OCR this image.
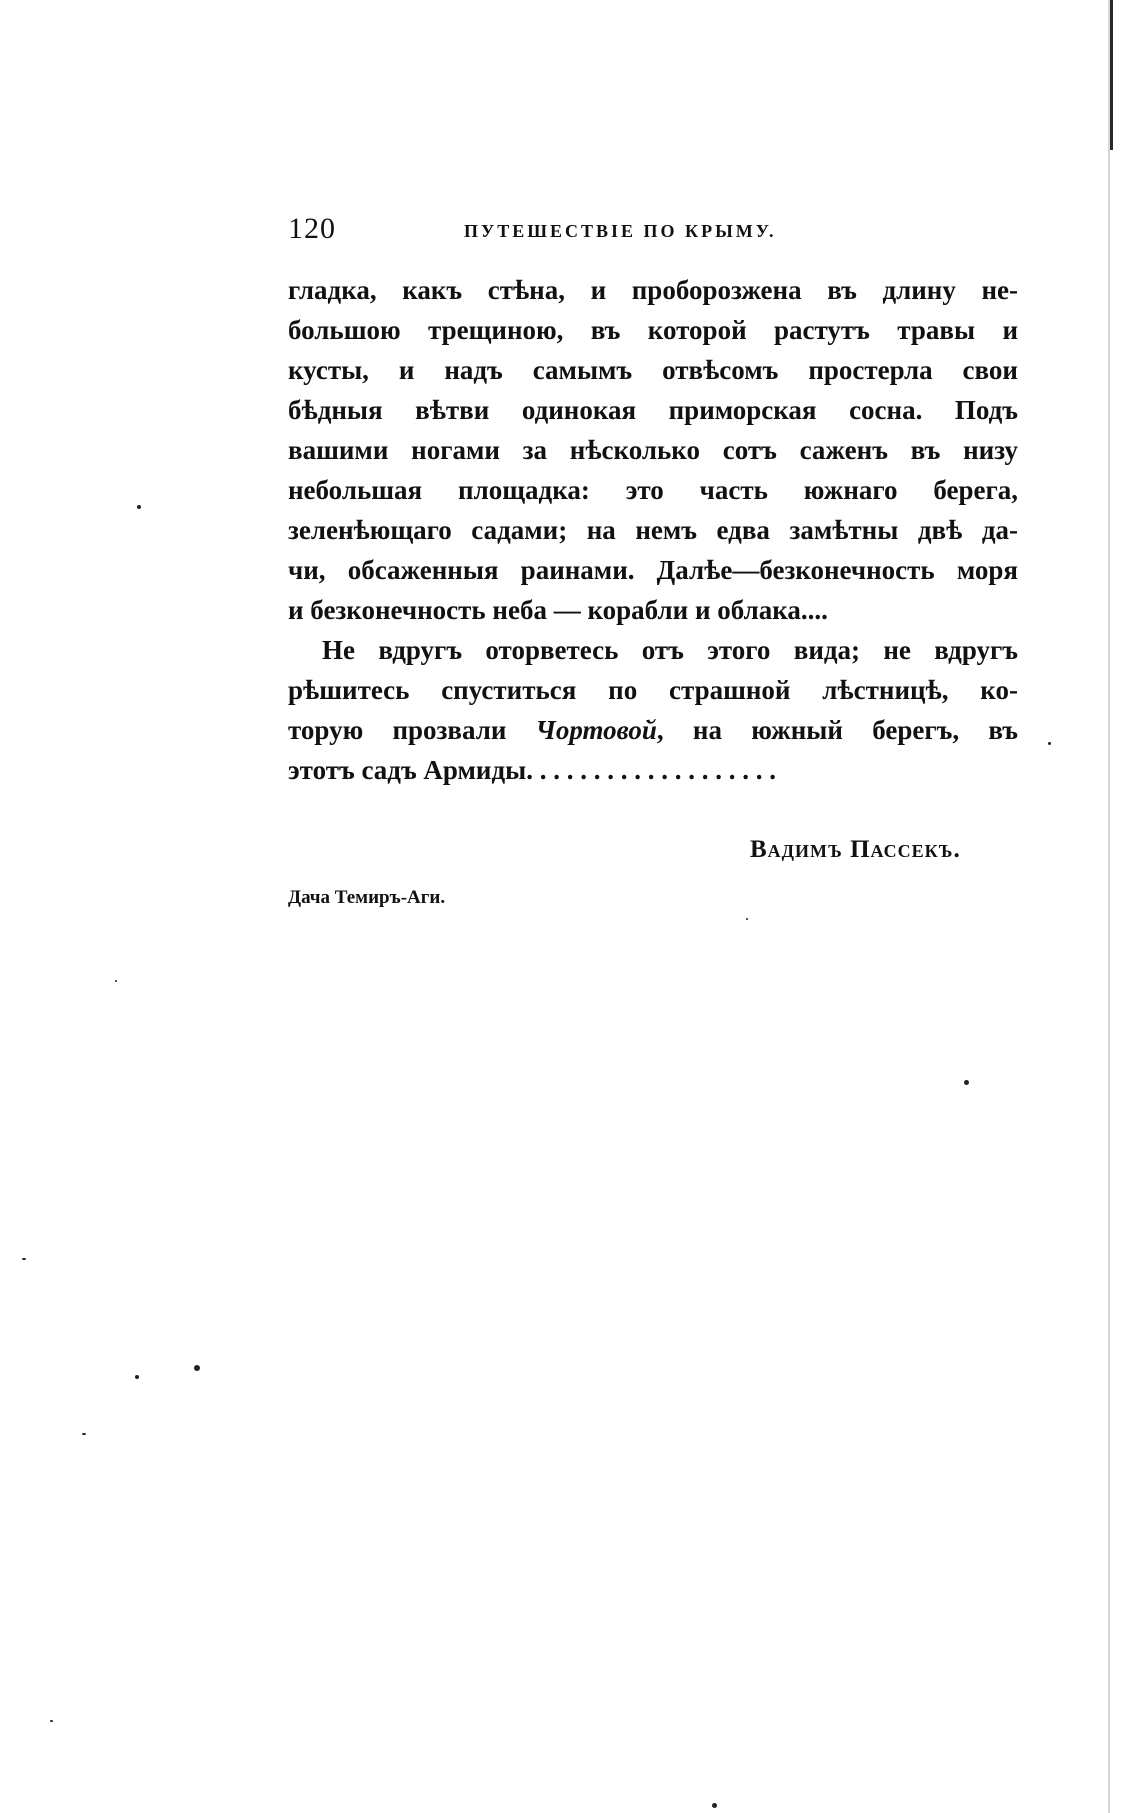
120	ПУТЕШЕСТВІЕ ПО КРЫМУ.
гладка, какъ стѣна, и проборозжена въ длину не-
большою трещиною, въ которой растутъ травы и
кусты, и надъ самымъ отвѣсомъ простерла свои
бѣдныя вѣтви одинокая приморская сосна. Подъ
вашими ногами за нѣсколько сотъ саженъ въ низу
небольшая площадка: это часть южнаго берега,
зеленѣющаго садами; на немъ едва замѣтны двѣ да-
чи, обсаженныя раинами. Далѣе—безконечность моря
и безконечность неба — корабли и облака....
Не вдругъ оторветесь отъ этого вида; не вдругъ
рѣшитесь спуститься по страшной лѣстницѣ, ко-
торую прозвали Чортовой, на южный берегъ, въ
этотъ садъ Армиды. . . . . . . . . . . . . . . . . . .
Вадимъ Пассекъ.
Дача Темиръ-Аги.
